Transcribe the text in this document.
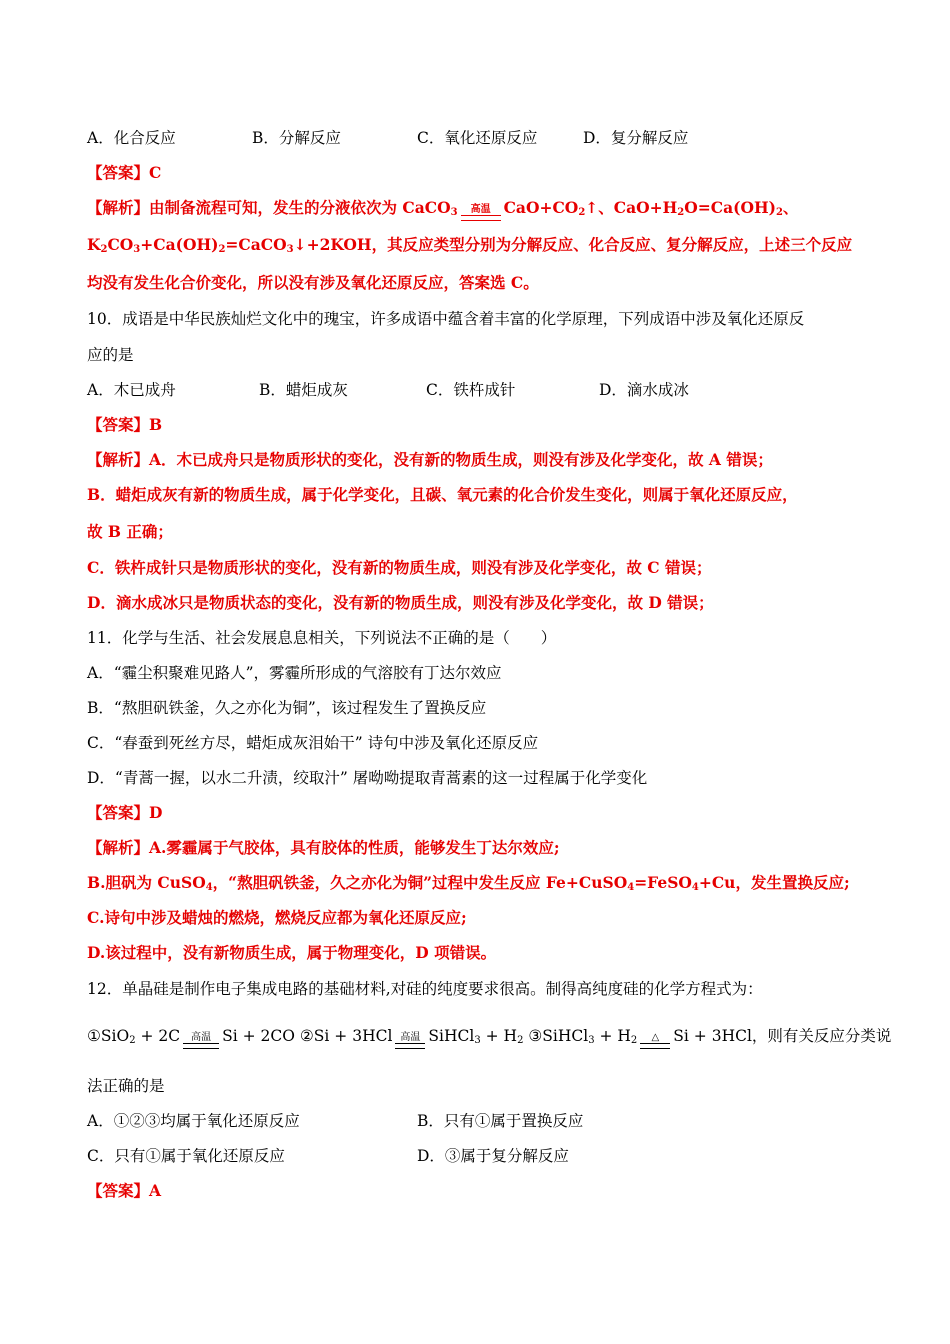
A．化合反应	B．分解反应	C．氧化还原反应	D．复分解反应
【答案】C
【解析】由制备流程可知，发生的分液依次为 CaCO$_3$	高温 $CaO+CO_2↑$、$CaO+H_2O=Ca(OH)_2$、
$K_2CO_3+Ca(OH)_2=CaCO_3↓+2KOH$，其反应类型分别为分解反应、化合反应、复分解反应，上述三个反应
均没有发生化合价变化，所以没有涉及氧化还原反应，答案选 C。
10．成语是中华民族灿烂文化中的瑰宝，许多成语中蕴含着丰富的化学原理，下列成语中涉及氧化还原反
应的是
A．木已成舟	B．蜡炬成灰	C．铁杵成针	D．滴水成冰
【答案】B
【解析】A．木已成舟只是物质形状的变化，没有新的物质生成，则没有涉及化学变化，故 A 错误；
B．蜡炬成灰有新的物质生成，属于化学变化，且碳、氧元素的化合价发生变化，则属于氧化还原反应，
故 B 正确；
C．铁杵成针只是物质形状的变化，没有新的物质生成，则没有涉及化学变化，故 C 错误；
D．滴水成冰只是物质状态的变化，没有新的物质生成，则没有涉及化学变化，故 D 错误；
11．化学与生活、社会发展息息相关，下列说法不正确的是（　　）
A．“霾尘积聚难见路人”，雾霾所形成的气溶胶有丁达尔效应
B．“熬胆矾铁釜，久之亦化为铜”，该过程发生了置换反应
C．“春蚕到死丝方尽，蜡炬成灰泪始干” 诗句中涉及氧化还原反应
D．“青蒿一握，以水二升渍，绞取汁” 屠呦呦提取青蒿素的这一过程属于化学变化
【答案】D
【解析】A.雾霾属于气胶体，具有胶体的性质，能够发生丁达尔效应;
B.胆矾为 CuSO$_4$，“熬胆矾铁釜，久之亦化为铜”过程中发生反应 Fe+CuSO$_4$=FeSO$_4$+Cu，发生置换反应;
C.诗句中涉及蜡烛的燃烧，燃烧反应都为氧化还原反应;
D.该过程中，没有新物质生成，属于物理变化，D 项错误。
12．单晶硅是制作电子集成电路的基础材料,对硅的纯度要求很高。制得高纯度硅的化学方程式为：
①SiO$_2$ + 2C	高温 Si + 2CO ②Si + 3HCl 高温 SiHCl$_3$ + $H_2$ ③SiHCl$_3$ + $H_2$	△ Si + 3HCl，则有关反应分类说
法正确的是
A．①②③均属于氧化还原反应	B．只有①属于置换反应
C．只有①属于氧化还原反应	D．③属于复分解反应
【答案】A
